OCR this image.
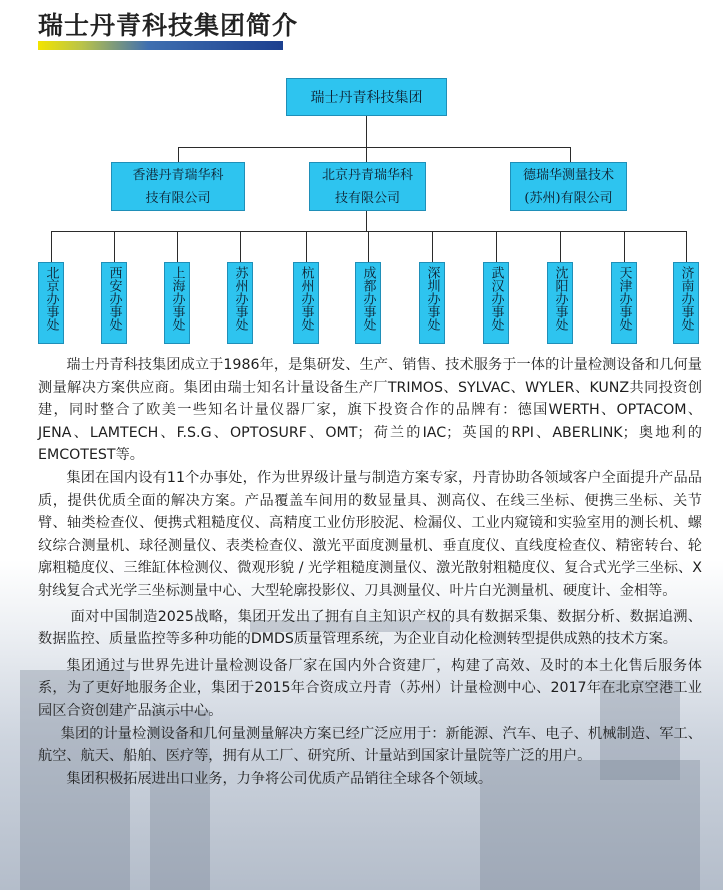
瑞士丹青科技集团简介
瑞士丹青科技集团
香港丹青瑞华科
技有限公司
北京丹青瑞华科
技有限公司
德瑞华测量技术
(苏州)有限公司
北京办事处	西安办事处	上海办事处	苏州办事处	杭州办事处	成都办事处	深圳办事处	武汉办事处	沈阳办事处	天津办事处	济南办事处

瑞士丹青科技集团成立于1986年，是集研发、生产、销售、技术服务于一体的计量检测设备和几何量测量解决方案供应商。集团由瑞士知名计量设备生产厂TRIMOS、SYLVAC、WYLER、KUNZ共同投资创建，同时整合了欧美一些知名计量仪器厂家，旗下投资合作的品牌有：德国WERTH、OPTACOM、JENA、LAMTECH、F.S.G、OPTOSURF、OMT；荷兰的IAC；英国的RPI、ABERLINK；奥地利的EMCOTEST等。

集团在国内设有11个办事处，作为世界级计量与制造方案专家，丹青协助各领域客户全面提升产品品质，提供优质全面的解决方案。产品覆盖车间用的数显量具、测高仪、在线三坐标、便携三坐标、关节臂、轴类检查仪、便携式粗糙度仪、高精度工业仿形胶泥、检漏仪、工业内窥镜和实验室用的测长机、螺纹综合测量机、球径测量仪、表类检查仪、激光平面度测量机、垂直度仪、直线度检查仪、精密转台、轮廓粗糙度仪、三维缸体检测仪、微观形貌 / 光学粗糙度测量仪、激光散射粗糙度仪、复合式光学三坐标、X射线复合式光学三坐标测量中心、大型轮廓投影仪、刀具测量仪、叶片白光测量机、硬度计、金相等。

面对中国制造2025战略，集团开发出了拥有自主知识产权的具有数据采集、数据分析、数据追溯、数据监控、质量监控等多种功能的DMDS质量管理系统，为企业自动化检测转型提供成熟的技术方案。

集团通过与世界先进计量检测设备厂家在国内外合资建厂，构建了高效、及时的本土化售后服务体系，为了更好地服务企业，集团于2015年合资成立丹青（苏州）计量检测中心、2017年在北京空港工业园区合资创建产品演示中心。

集团的计量检测设备和几何量测量解决方案已经广泛应用于：新能源、汽车、电子、机械制造、军工、航空、航天、船舶、医疗等，拥有从工厂、研究所、计量站到国家计量院等广泛的用户。

集团积极拓展进出口业务，力争将公司优质产品销往全球各个领域。
